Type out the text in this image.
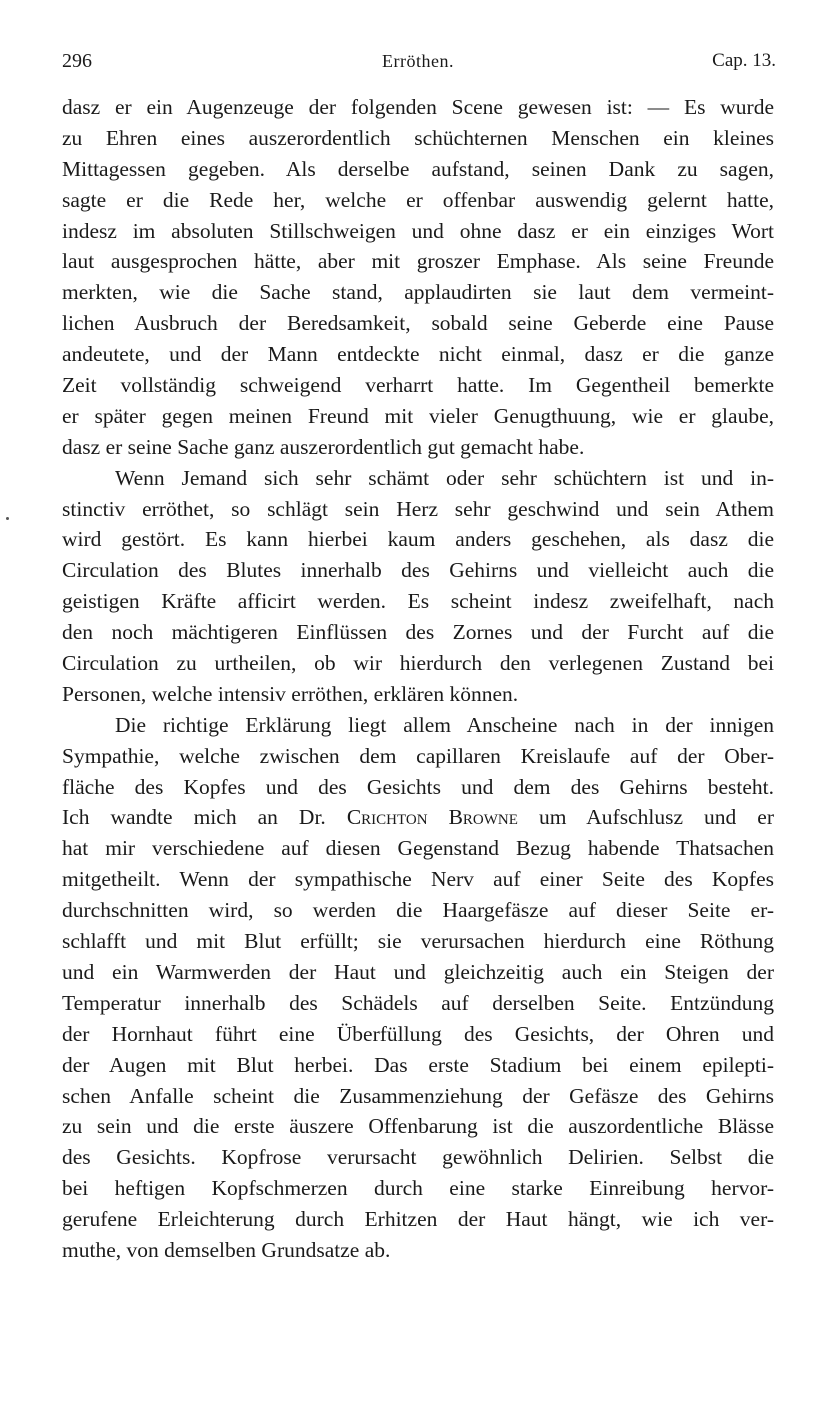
296	Erröthen.	Cap. 13.
dasz er ein Augenzeuge der folgenden Scene gewesen ist: — Es wurde
zu Ehren eines auszerordentlich schüchternen Menschen ein kleines
Mittagessen gegeben. Als derselbe aufstand, seinen Dank zu sagen,
sagte er die Rede her, welche er offenbar auswendig gelernt hatte,
indesz im absoluten Stillschweigen und ohne dasz er ein einziges Wort
laut ausgesprochen hätte, aber mit groszer Emphase. Als seine Freunde
merkten, wie die Sache stand, applaudirten sie laut dem vermeint-
lichen Ausbruch der Beredsamkeit, sobald seine Geberde eine Pause
andeutete, und der Mann entdeckte nicht einmal, dasz er die ganze
Zeit vollständig schweigend verharrt hatte. Im Gegentheil bemerkte
er später gegen meinen Freund mit vieler Genugthuung, wie er glaube,
dasz er seine Sache ganz auszerordentlich gut gemacht habe.
Wenn Jemand sich sehr schämt oder sehr schüchtern ist und in-
stinctiv erröthet, so schlägt sein Herz sehr geschwind und sein Athem
wird gestört. Es kann hierbei kaum anders geschehen, als dasz die
Circulation des Blutes innerhalb des Gehirns und vielleicht auch die
geistigen Kräfte afficirt werden. Es scheint indesz zweifelhaft, nach
den noch mächtigeren Einflüssen des Zornes und der Furcht auf die
Circulation zu urtheilen, ob wir hierdurch den verlegenen Zustand bei
Personen, welche intensiv erröthen, erklären können.
Die richtige Erklärung liegt allem Anscheine nach in der innigen
Sympathie, welche zwischen dem capillaren Kreislaufe auf der Ober-
fläche des Kopfes und des Gesichts und dem des Gehirns besteht.
Ich wandte mich an Dr. Crichton Browne um Aufschlusz und er
hat mir verschiedene auf diesen Gegenstand Bezug habende Thatsachen
mitgetheilt. Wenn der sympathische Nerv auf einer Seite des Kopfes
durchschnitten wird, so werden die Haargefäsze auf dieser Seite er-
schlafft und mit Blut erfüllt; sie verursachen hierdurch eine Röthung
und ein Warmwerden der Haut und gleichzeitig auch ein Steigen der
Temperatur innerhalb des Schädels auf derselben Seite. Entzündung
der Hornhaut führt eine Überfüllung des Gesichts, der Ohren und
der Augen mit Blut herbei. Das erste Stadium bei einem epilepti-
schen Anfalle scheint die Zusammenziehung der Gefäsze des Gehirns
zu sein und die erste äuszere Offenbarung ist die auszordentliche Blässe
des Gesichts. Kopfrose verursacht gewöhnlich Delirien. Selbst die
bei heftigen Kopfschmerzen durch eine starke Einreibung hervor-
gerufene Erleichterung durch Erhitzen der Haut hängt, wie ich ver-
muthe, von demselben Grundsatze ab.
